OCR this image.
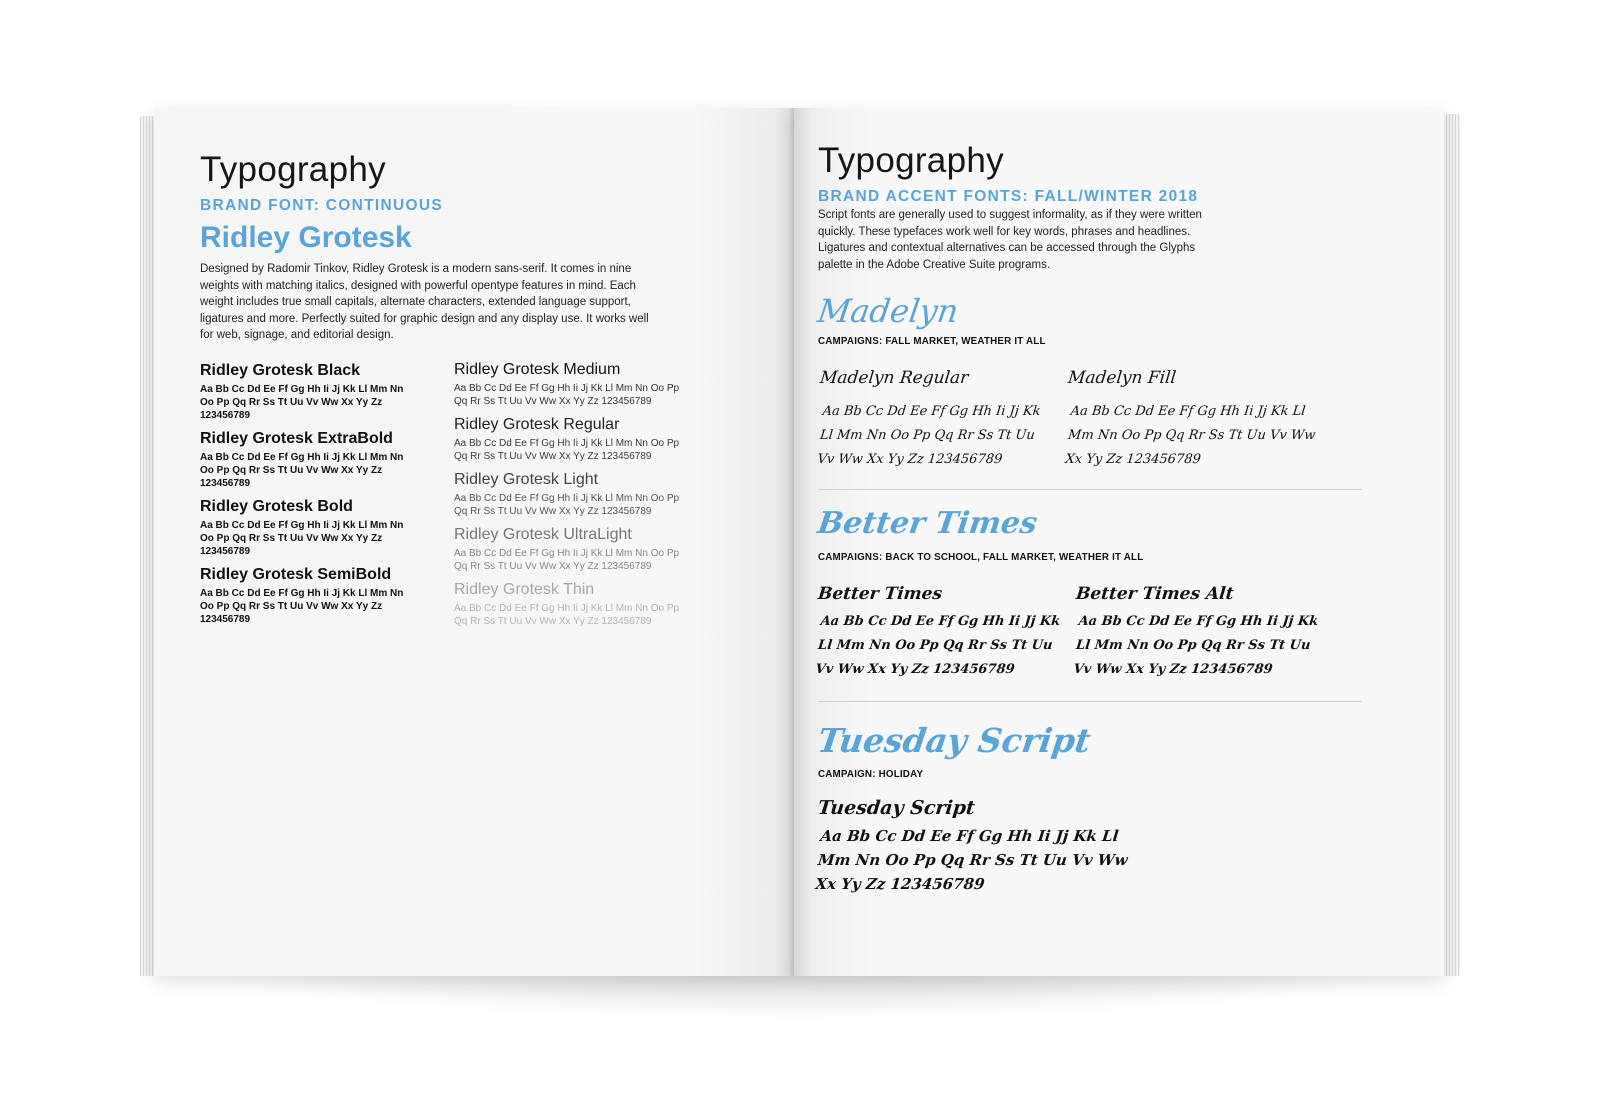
Typography
BRAND FONT: CONTINUOUS
Ridley Grotesk

Designed by Radomir Tinkov, Ridley Grotesk is a modern sans-serif. It comes in nine weights with matching italics, designed with powerful opentype features in mind. Each weight includes true small capitals, alternate characters, extended language support, ligatures and more. Perfectly suited for graphic design and any display use. It works well for web, signage, and editorial design.

Ridley Grotesk Black

Aa Bb Cc Dd Ee Ff Gg Hh Ii Jj Kk Ll Mm Nn Oo Pp Qq Rr Ss Tt Uu Vv Ww Xx Yy Zz 123456789

Ridley Grotesk ExtraBold

Aa Bb Cc Dd Ee Ff Gg Hh Ii Jj Kk Ll Mm Nn Oo Pp Qq Rr Ss Tt Uu Vv Ww Xx Yy Zz 123456789

Ridley Grotesk Bold

Aa Bb Cc Dd Ee Ff Gg Hh Ii Jj Kk Ll Mm Nn Oo Pp Qq Rr Ss Tt Uu Vv Ww Xx Yy Zz 123456789

Ridley Grotesk SemiBold

Aa Bb Cc Dd Ee Ff Gg Hh Ii Jj Kk Ll Mm Nn Oo Pp Qq Rr Ss Tt Uu Vv Ww Xx Yy Zz 123456789

Ridley Grotesk Medium

Aa Bb Cc Dd Ee Ff Gg Hh Ii Jj Kk Ll Mm Nn Oo Pp Qq Rr Ss Tt Uu Vv Ww Xx Yy Zz 123456789

Ridley Grotesk Regular

Aa Bb Cc Dd Ee Ff Gg Hh Ii Jj Kk Ll Mm Nn Oo Pp Qq Rr Ss Tt Uu Vv Ww Xx Yy Zz 123456789

Ridley Grotesk Light

Aa Bb Cc Dd Ee Ff Gg Hh Ii Jj Kk Ll Mm Nn Oo Pp Qq Rr Ss Tt Uu Vv Ww Xx Yy Zz 123456789

Ridley Grotesk UltraLight

Aa Bb Cc Dd Ee Ff Gg Hh Ii Jj Kk Ll Mm Nn Oo Pp Qq Rr Ss Tt Uu Vv Ww Xx Yy Zz 123456789

Ridley Grotesk Thin

Aa Bb Cc Dd Ee Ff Gg Hh Ii Jj Kk Ll Mm Nn Oo Pp Qq Rr Ss Tt Uu Vv Ww Xx Yy Zz 123456789

Typography
BRAND ACCENT FONTS: FALL/WINTER 2018

Script fonts are generally used to suggest informality, as if they were written quickly. These typefaces work well for key words, phrases and headlines. Ligatures and contextual alternatives can be accessed through the Glyphs palette in the Adobe Creative Suite programs.

Madelyn

CAMPAIGNS: FALL MARKET, WEATHER IT ALL

Madelyn Regular

Aa Bb Cc Dd Ee Ff Gg Hh Ii Jj Kk Ll Mm Nn Oo Pp Qq Rr Ss Tt Uu Vv Ww Xx Yy Zz 123456789

Madelyn Fill

Aa Bb Cc Dd Ee Ff Gg Hh Ii Jj Kk Ll Mm Nn Oo Pp Qq Rr Ss Tt Uu Vv Ww Xx Yy Zz 123456789

Better Times

CAMPAIGNS: BACK TO SCHOOL, FALL MARKET, WEATHER IT ALL

Better Times

Aa Bb Cc Dd Ee Ff Gg Hh Ii Jj Kk Ll Mm Nn Oo Pp Qq Rr Ss Tt Uu Vv Ww Xx Yy Zz 123456789

Better Times Alt

Aa Bb Cc Dd Ee Ff Gg Hh Ii Jj Kk Ll Mm Nn Oo Pp Qq Rr Ss Tt Uu Vv Ww Xx Yy Zz 123456789

Tuesday Script

CAMPAIGN: HOLIDAY

Tuesday Script

Aa Bb Cc Dd Ee Ff Gg Hh Ii Jj Kk Ll Mm Nn Oo Pp Qq Rr Ss Tt Uu Vv Ww Xx Yy Zz 123456789
